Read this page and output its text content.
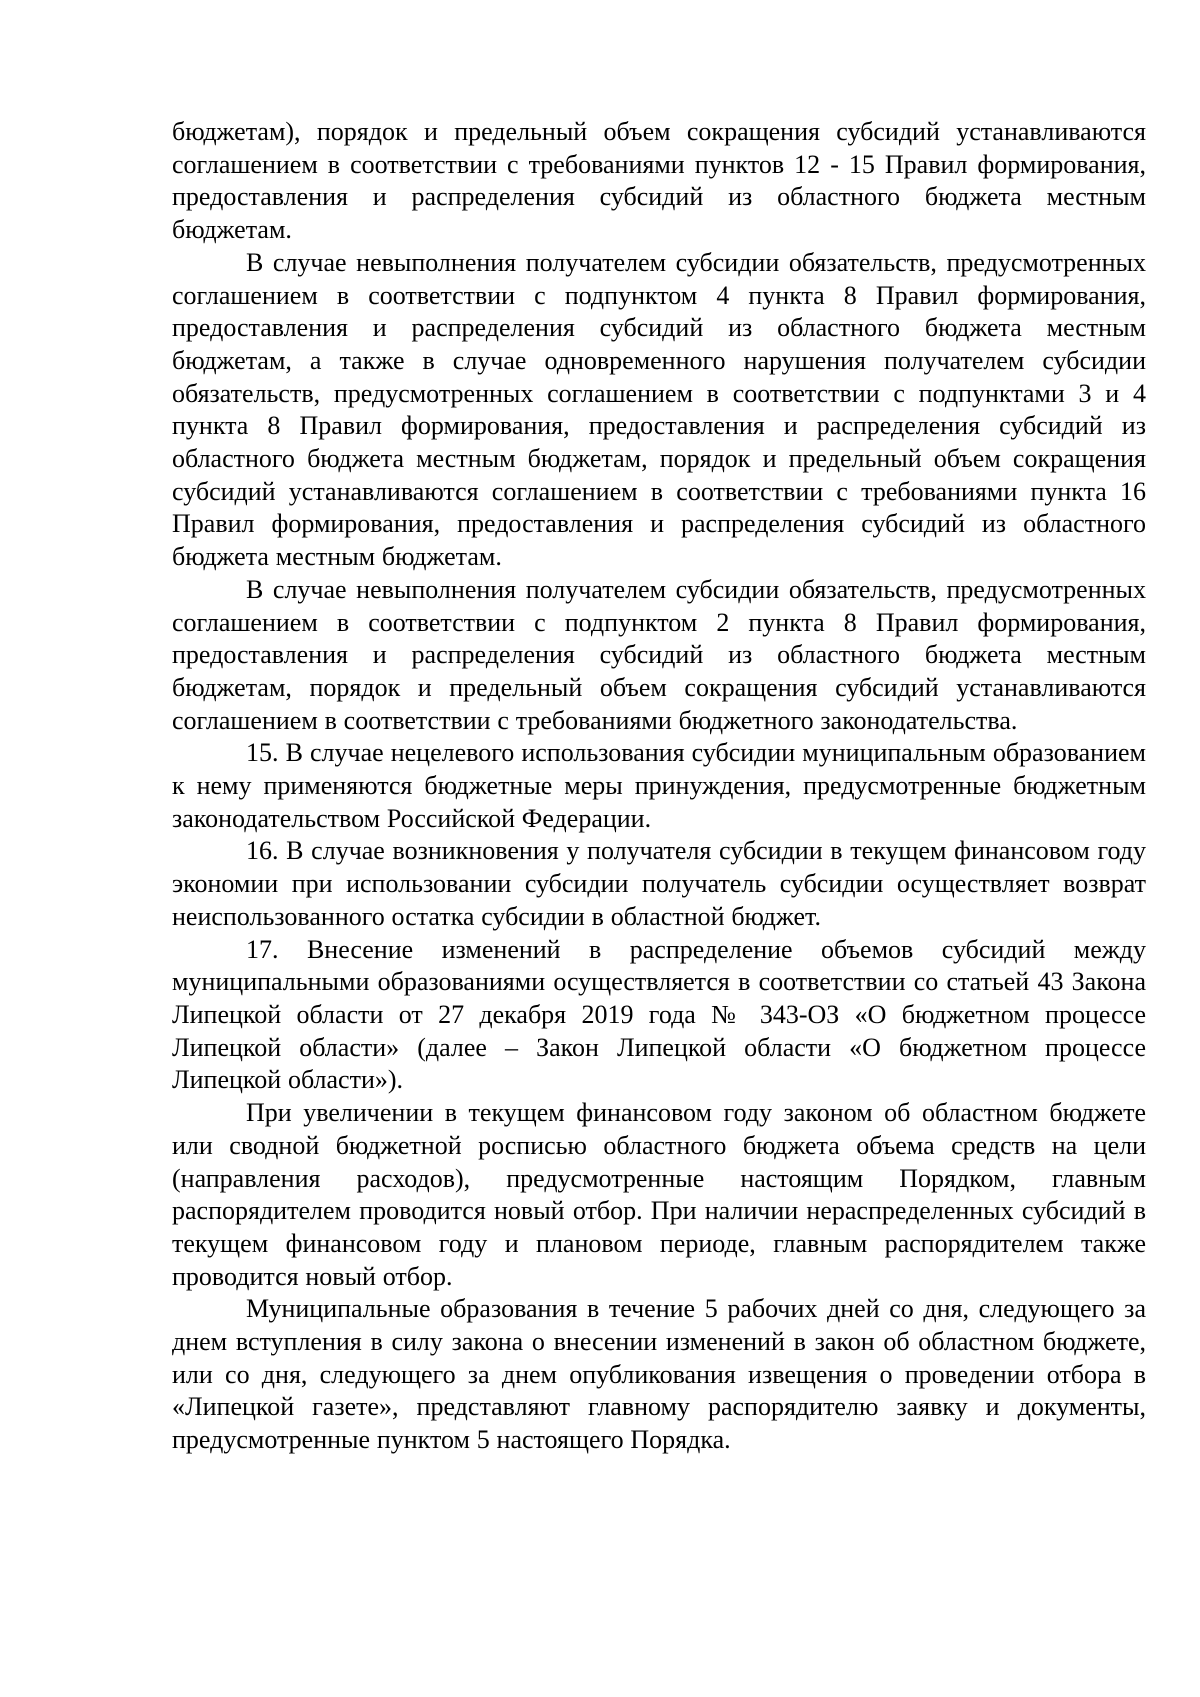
бюджетам), порядок и предельный объем сокращения субсидий устанавливаются соглашением в соответствии с требованиями пунктов 12 - 15 Правил формирования, предоставления и распределения субсидий из областного бюджета местным бюджетам.

В случае невыполнения получателем субсидии обязательств, предусмотренных соглашением в соответствии с подпунктом 4 пункта 8 Правил формирования, предоставления и распределения субсидий из областного бюджета местным бюджетам, а также в случае одновременного нарушения получателем субсидии обязательств, предусмотренных соглашением в соответствии с подпунктами 3 и 4 пункта 8 Правил формирования, предоставления и распределения субсидий из областного бюджета местным бюджетам, порядок и предельный объем сокращения субсидий устанавливаются соглашением в соответствии с требованиями пункта 16 Правил формирования, предоставления и распределения субсидий из областного бюджета местным бюджетам.

В случае невыполнения получателем субсидии обязательств, предусмотренных соглашением в соответствии с подпунктом 2 пункта 8 Правил формирования, предоставления и распределения субсидий из областного бюджета местным бюджетам, порядок и предельный объем сокращения субсидий устанавливаются соглашением в соответствии с требованиями бюджетного законодательства.

15. В случае нецелевого использования субсидии муниципальным образованием к нему применяются бюджетные меры принуждения, предусмотренные бюджетным законодательством Российской Федерации.

16. В случае возникновения у получателя субсидии в текущем финансовом году экономии при использовании субсидии получатель субсидии осуществляет возврат неиспользованного остатка субсидии в областной бюджет.

17. Внесение изменений в распределение объемов субсидий между муниципальными образованиями осуществляется в соответствии со статьей 43 Закона Липецкой области от 27 декабря 2019 года № 343-ОЗ «О бюджетном процессе Липецкой области» (далее – Закон Липецкой области «О бюджетном процессе Липецкой области»).

При увеличении в текущем финансовом году законом об областном бюджете или сводной бюджетной росписью областного бюджета объема средств на цели (направления расходов), предусмотренные настоящим Порядком, главным распорядителем проводится новый отбор. При наличии нераспределенных субсидий в текущем финансовом году и плановом периоде, главным распорядителем также проводится новый отбор.

Муниципальные образования в течение 5 рабочих дней со дня, следующего за днем вступления в силу закона о внесении изменений в закон об областном бюджете, или со дня, следующего за днем опубликования извещения о проведении отбора в «Липецкой газете», представляют главному распорядителю заявку и документы, предусмотренные пунктом 5 настоящего Порядка.
